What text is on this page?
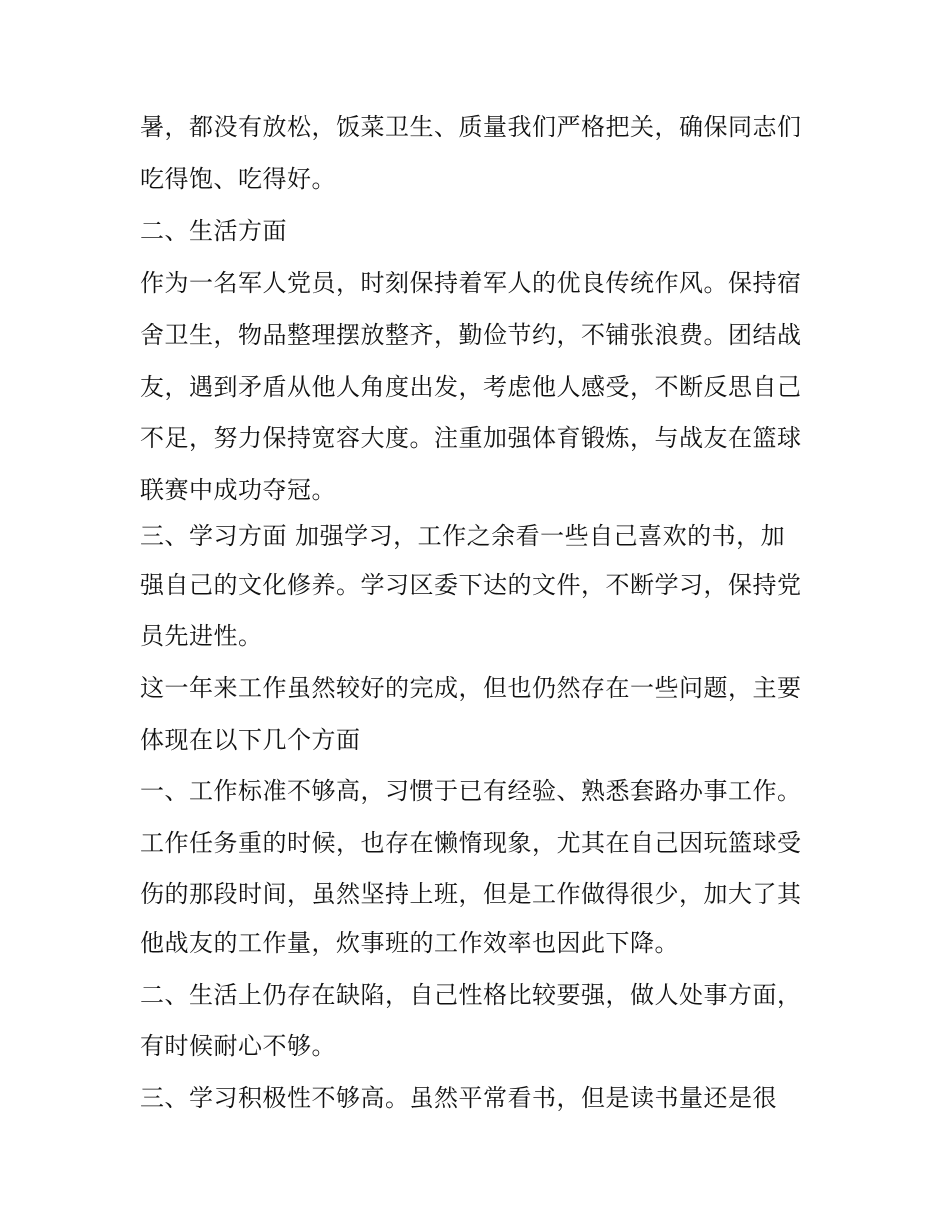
暑，都没有放松，饭菜卫生、质量我们严格把关，确保同志们
吃得饱、吃得好。
二、生活方面
作为一名军人党员，时刻保持着军人的优良传统作风。保持宿
舍卫生，物品整理摆放整齐，勤俭节约，不铺张浪费。团结战
友，遇到矛盾从他人角度出发，考虑他人感受，不断反思自己
不足，努力保持宽容大度。注重加强体育锻炼，与战友在篮球
联赛中成功夺冠。
三、学习方面 加强学习，工作之余看一些自己喜欢的书，加
强自己的文化修养。学习区委下达的文件，不断学习，保持党
员先进性。
这一年来工作虽然较好的完成，但也仍然存在一些问题，主要
体现在以下几个方面
一、工作标准不够高，习惯于已有经验、熟悉套路办事工作。
工作任务重的时候，也存在懒惰现象，尤其在自己因玩篮球受
伤的那段时间，虽然坚持上班，但是工作做得很少，加大了其
他战友的工作量，炊事班的工作效率也因此下降。
二、生活上仍存在缺陷，自己性格比较要强，做人处事方面，
有时候耐心不够。
三、学习积极性不够高。虽然平常看书，但是读书量还是很
